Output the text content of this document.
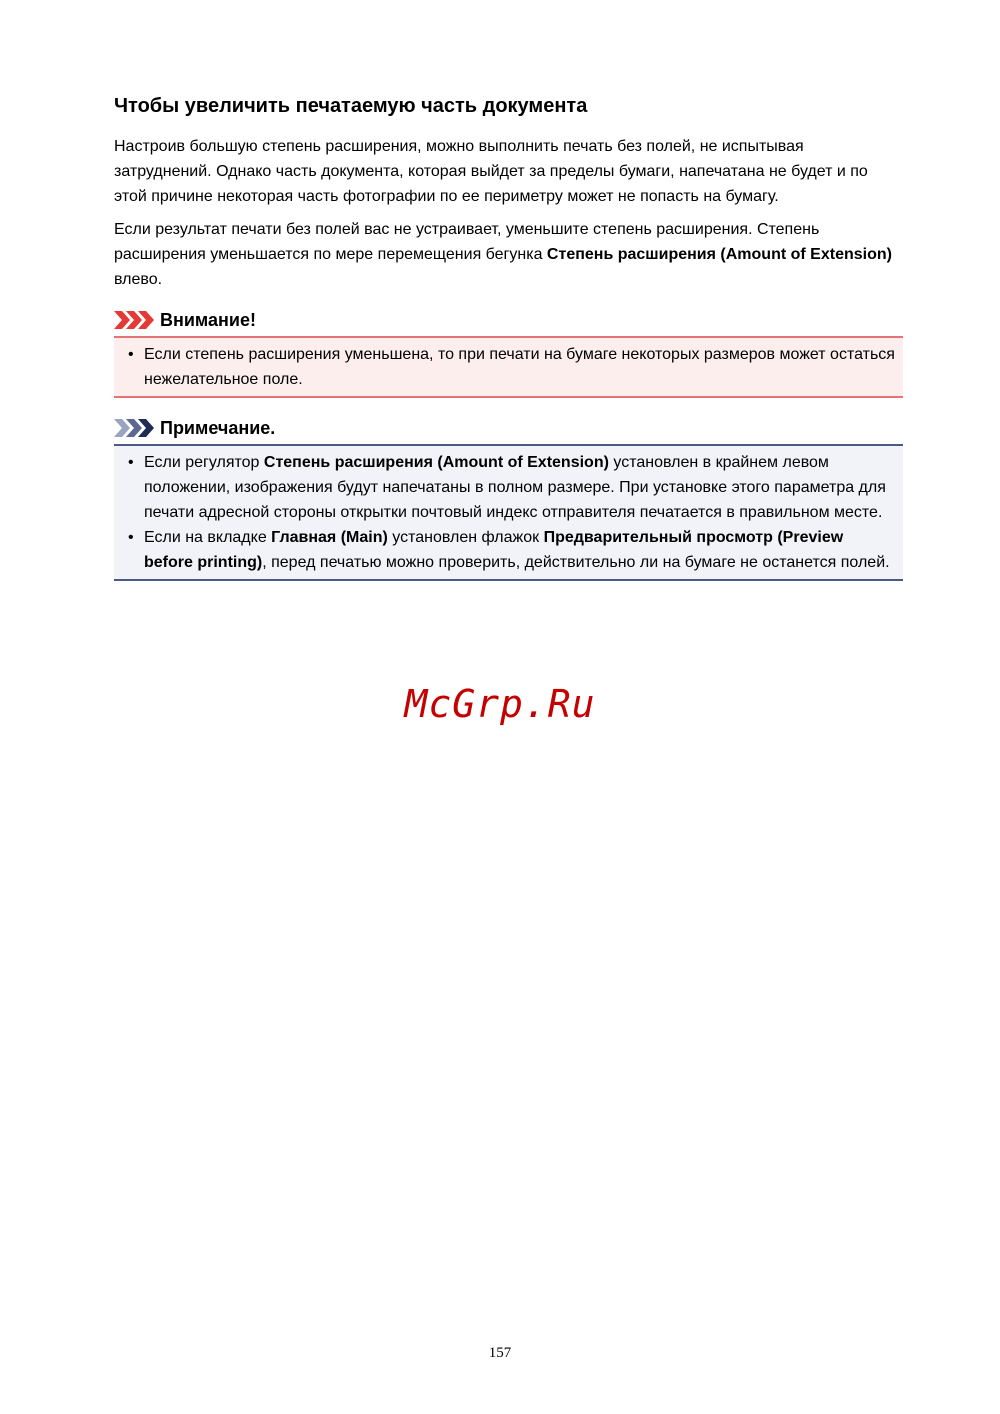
Чтобы увеличить печатаемую часть документа

Настроив большую степень расширения, можно выполнить печать без полей, не испытывая затруднений. Однако часть документа, которая выйдет за пределы бумаги, напечатана не будет и по этой причине некоторая часть фотографии по ее периметру может не попасть на бумагу.

Если результат печати без полей вас не устраивает, уменьшите степень расширения. Степень расширения уменьшается по мере перемещения бегунка Степень расширения (Amount of Extension) влево.

Внимание!
• Если степень расширения уменьшена, то при печати на бумаге некоторых размеров может остаться нежелательное поле.
Примечание.
• Если регулятор Степень расширения (Amount of Extension) установлен в крайнем левом положении, изображения будут напечатаны в полном размере. При установке этого параметра для печати адресной стороны открытки почтовый индекс отправителя печатается в правильном месте.
• Если на вкладке Главная (Main) установлен флажок Предварительный просмотр (Preview before printing), перед печатью можно проверить, действительно ли на бумаге не останется полей.
McGrp.Ru
157
